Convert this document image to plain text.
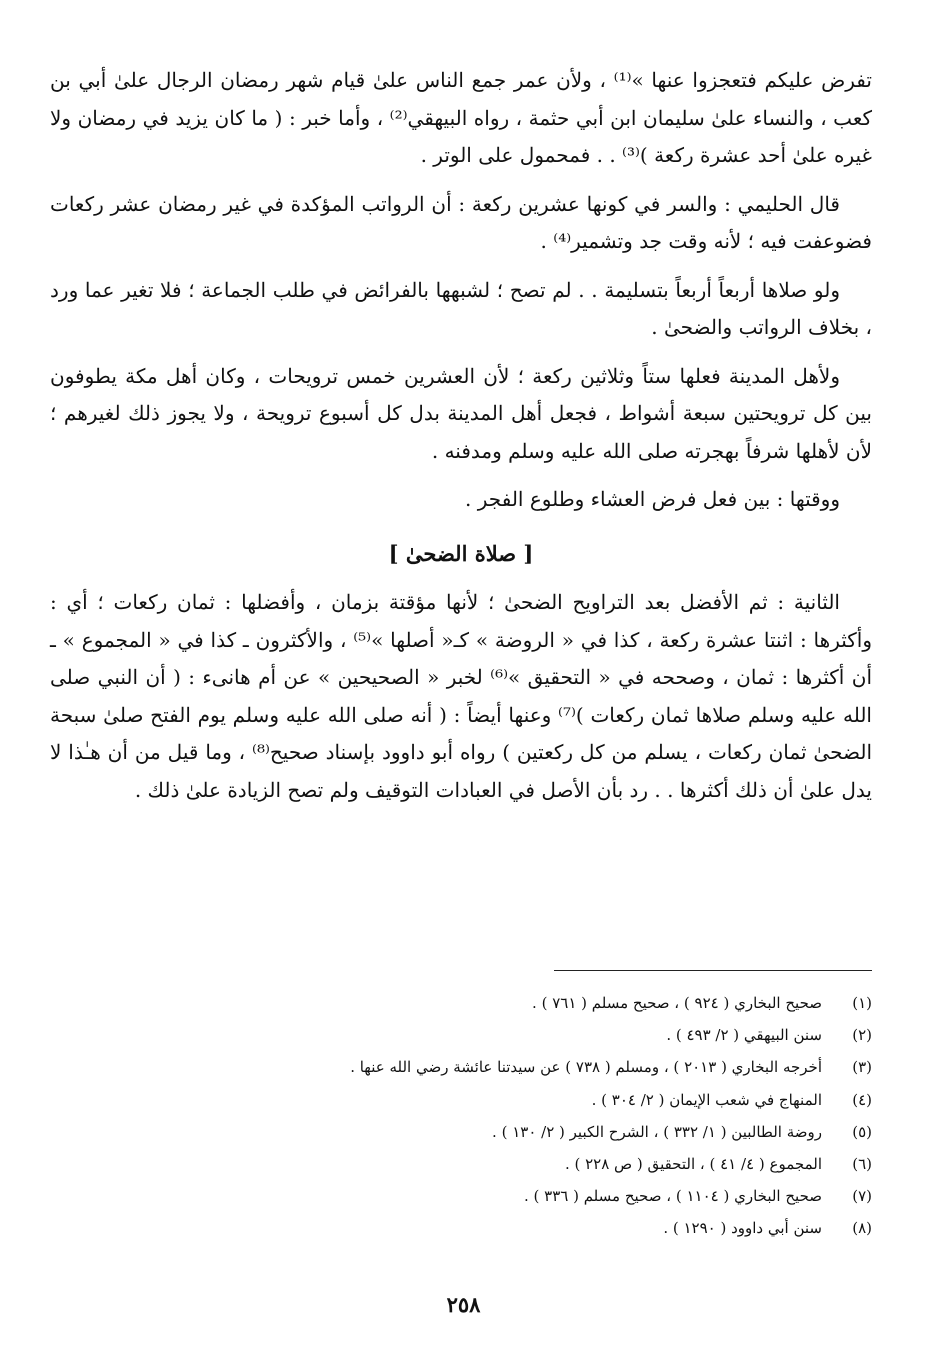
تفرض عليكم فتعجزوا عنها »⁽¹⁾ ، ولأن عمر جمع الناس علىٰ قيام شهر رمضان الرجال علىٰ أبي بن كعب ، والنساء علىٰ سليمان ابن أبي حثمة ، رواه البيهقي⁽²⁾ ، وأما خبر : ( ما كان يزيد في رمضان ولا غيره علىٰ أحد عشرة ركعة )⁽³⁾ . . فمحمول على الوتر .

قال الحليمي : والسر في كونها عشرين ركعة : أن الرواتب المؤكدة في غير رمضان عشر ركعات فضوعفت فيه ؛ لأنه وقت جد وتشمير⁽⁴⁾ .

ولو صلاها أربعاً أربعاً بتسليمة . . لم تصح ؛ لشبهها بالفرائض في طلب الجماعة ؛ فلا تغير عما ورد ، بخلاف الرواتب والضحىٰ .

ولأهل المدينة فعلها ستاً وثلاثين ركعة ؛ لأن العشرين خمس ترويحات ، وكان أهل مكة يطوفون بين كل ترويحتين سبعة أشواط ، فجعل أهل المدينة بدل كل أسبوع ترويحة ، ولا يجوز ذلك لغيرهم ؛ لأن لأهلها شرفاً بهجرته صلى الله عليه وسلم ومدفنه .

ووقتها : بين فعل فرض العشاء وطلوع الفجر .

[ صلاة الضحىٰ ]

الثانية : ثم الأفضل بعد التراويح الضحىٰ ؛ لأنها مؤقتة بزمان ، وأفضلها : ثمان ركعات ؛ أي : وأكثرها : اثنتا عشرة ركعة ، كذا في « الروضة » كـ« أصلها »⁽⁵⁾ ، والأكثرون ـ كذا في « المجموع » ـ أن أكثرها : ثمان ، وصححه في « التحقيق »⁽⁶⁾ لخبر « الصحيحين » عن أم هانىء : ( أن النبي صلى الله عليه وسلم صلاها ثمان ركعات )⁽⁷⁾ وعنها أيضاً : ( أنه صلى الله عليه وسلم يوم الفتح صلىٰ سبحة الضحىٰ ثمان ركعات ، يسلم من كل ركعتين ) رواه أبو داوود بإسناد صحيح⁽⁸⁾ ، وما قيل من أن هـٰذا لا يدل علىٰ أن ذلك أكثرها . . رد بأن الأصل في العبادات التوقيف ولم تصح الزيادة علىٰ ذلك .

(١)
صحيح البخاري ( ٩٢٤ ) ، صحيح مسلم ( ٧٦١ ) .
(٢)
سنن البيهقي ( ٢/ ٤٩٣ ) .
(٣)
أخرجه البخاري ( ٢٠١٣ ) ، ومسلم ( ٧٣٨ ) عن سيدتنا عائشة رضي الله عنها .
(٤)
المنهاج في شعب الإيمان ( ٢/ ٣٠٤ ) .
(٥)
روضة الطالبين ( ١/ ٣٣٢ ) ، الشرح الكبير ( ٢/ ١٣٠ ) .
(٦)
المجموع ( ٤/ ٤١ ) ، التحقيق ( ص ٢٢٨ ) .
(٧)
صحيح البخاري ( ١١٠٤ ) ، صحيح مسلم ( ٣٣٦ ) .
(٨)
سنن أبي داوود ( ١٢٩٠ ) .
٢٥٨
